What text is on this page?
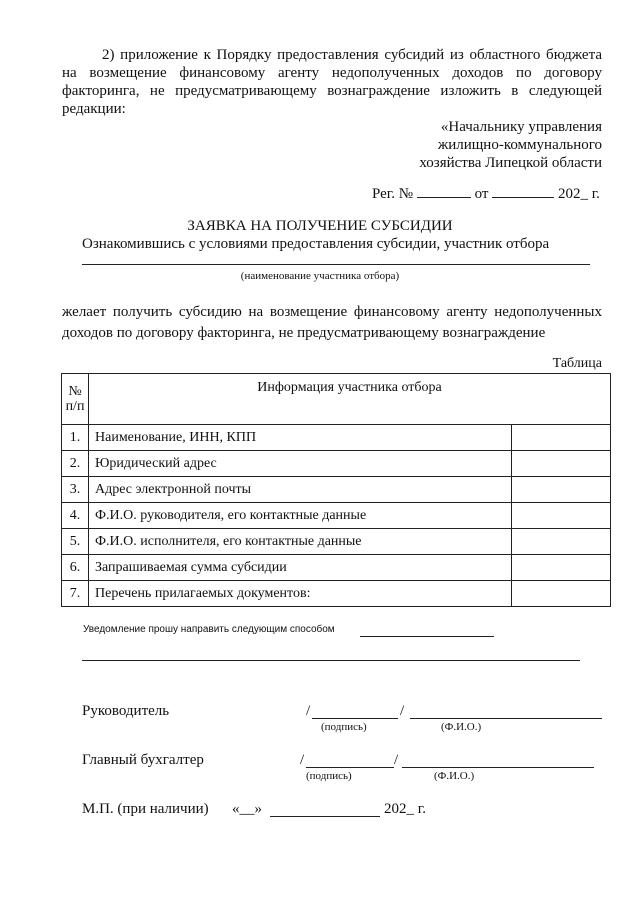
2) приложение к Порядку предоставления субсидий из областного бюджета
на возмещение финансовому агенту недополученных доходов по договору
факторинга, не предусматривающему вознаграждение изложить в следующей
редакции:
«Начальнику управления
жилищно-коммунального
хозяйства Липецкой области
Рег. №	от	202_ г.
ЗАЯВКА НА ПОЛУЧЕНИЕ СУБСИДИИ
Ознакомившись с условиями предоставления субсидии, участник отбора
(наименование участника отбора)
желает получить субсидию на возмещение финансовому агенту недополученных
доходов по договору факторинга, не предусматривающему вознаграждение
Таблица
№ п/п	Информация участника отбора	
1.	Наименование, ИНН, КПП	
2.	Юридический адрес	
3.	Адрес электронной почты	
4.	Ф.И.О. руководителя, его контактные данные	
5.	Ф.И.О. исполнителя, его контактные данные	
6.	Запрашиваемая сумма субсидии	
7.	Перечень прилагаемых документов:	
Уведомление прошу направить следующим способом
Руководитель	/	/
(подпись)	(Ф.И.О.)
Главный бухгалтер	/	/
(подпись)	(Ф.И.О.)
М.П. (при наличии) «__»	202_ г.
